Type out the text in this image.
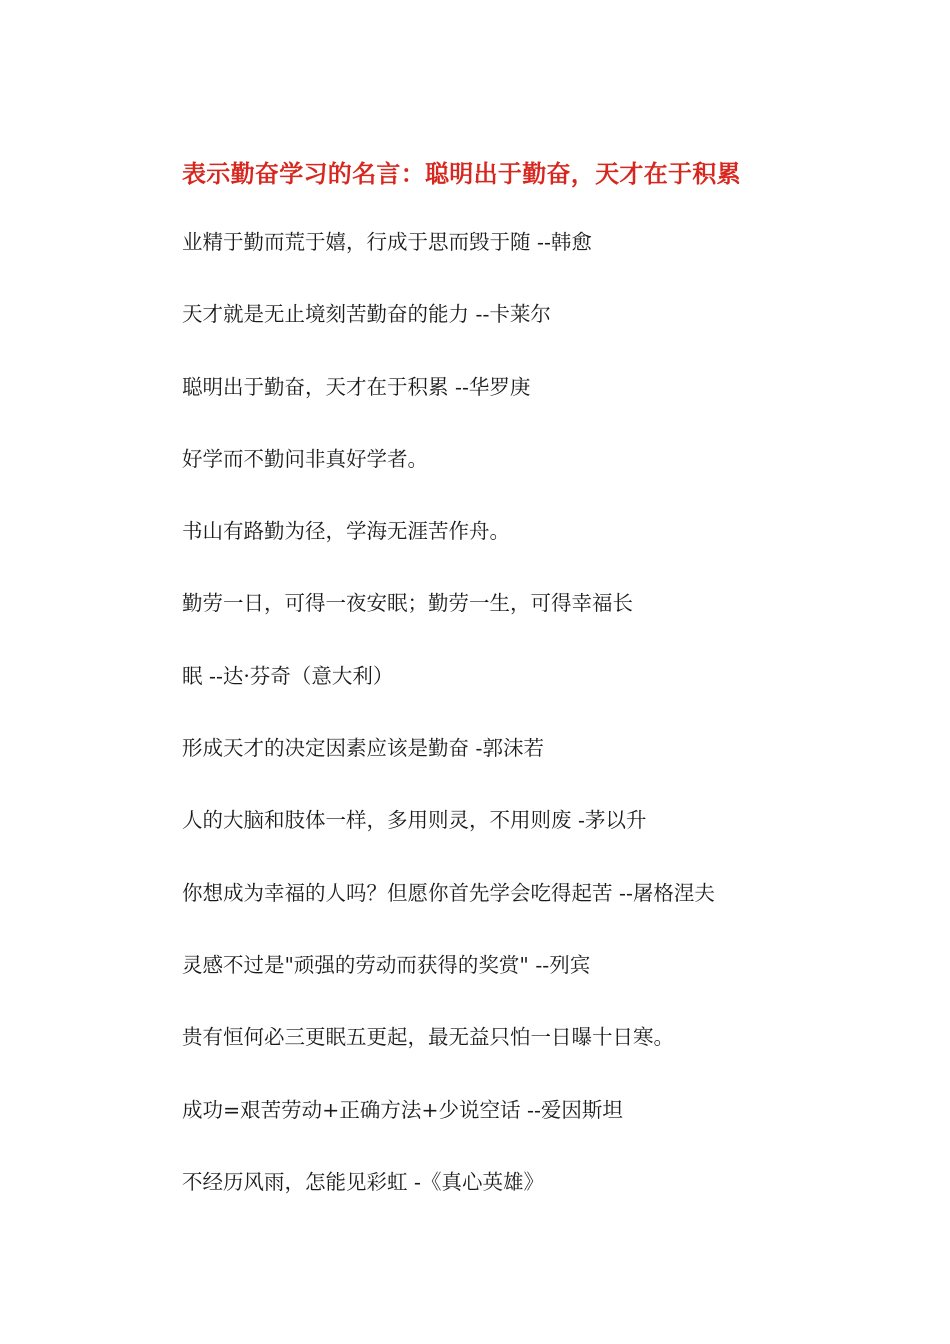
表示勤奋学习的名言：聪明出于勤奋，天才在于积累
业精于勤而荒于嬉，行成于思而毁于随 --韩愈
天才就是无止境刻苦勤奋的能力 --卡莱尔
聪明出于勤奋，天才在于积累 --华罗庚
好学而不勤问非真好学者。
书山有路勤为径，学海无涯苦作舟。
勤劳一日，可得一夜安眠；勤劳一生，可得幸福长
眠 --达·芬奇（意大利）
形成天才的决定因素应该是勤奋 -郭沫若
人的大脑和肢体一样，多用则灵，不用则废 -茅以升
你想成为幸福的人吗？但愿你首先学会吃得起苦 --屠格涅夫
灵感不过是"顽强的劳动而获得的奖赏" --列宾
贵有恒何必三更眠五更起，最无益只怕一日曝十日寒。
成功=艰苦劳动+正确方法+少说空话 --爱因斯坦
不经历风雨，怎能见彩虹 -《真心英雄》
